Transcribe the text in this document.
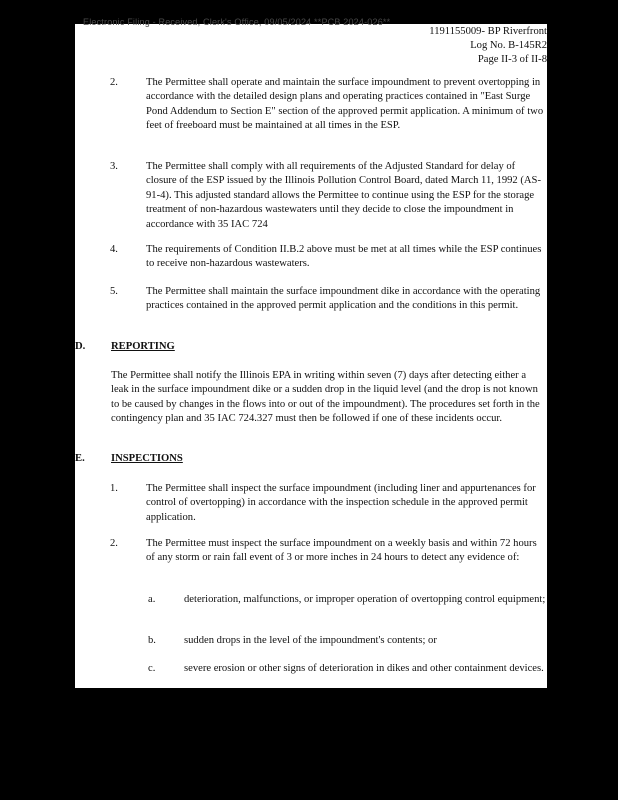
Electronic Filing - Received, Clerk's Office, 09/05/2024 **PCB 2024-026**
1191155009- BP Riverfront
Log No. B-145R2
Page II-3 of II-8
2.	The Permittee shall operate and maintain the surface impoundment to prevent overtopping in accordance with the detailed design plans and operating practices contained in "East Surge Pond Addendum to Section E" section of the approved permit application. A minimum of two feet of freeboard must be maintained at all times in the ESP.
3.	The Permittee shall comply with all requirements of the Adjusted Standard for delay of closure of the ESP issued by the Illinois Pollution Control Board, dated March 11, 1992 (AS-91-4). This adjusted standard allows the Permittee to continue using the ESP for the storage treatment of non-hazardous wastewaters until they decide to close the impoundment in accordance with 35 IAC 724
4.	The requirements of Condition II.B.2 above must be met at all times while the ESP continues to receive non-hazardous wastewaters.
5.	The Permittee shall maintain the surface impoundment dike in accordance with the operating practices contained in the approved permit application and the conditions in this permit.
D. REPORTING
The Permittee shall notify the Illinois EPA in writing within seven (7) days after detecting either a leak in the surface impoundment dike or a sudden drop in the liquid level (and the drop is not known to be caused by changes in the flows into or out of the impoundment). The procedures set forth in the contingency plan and 35 IAC 724.327 must then be followed if one of these incidents occur.
E. INSPECTIONS
1.	The Permittee shall inspect the surface impoundment (including liner and appurtenances for control of overtopping) in accordance with the inspection schedule in the approved permit application.
2.	The Permittee must inspect the surface impoundment on a weekly basis and within 72 hours of any storm or rain fall event of 3 or more inches in 24 hours to detect any evidence of:
a.	deterioration, malfunctions, or improper operation of overtopping control equipment;
b.	sudden drops in the level of the impoundment's contents; or
c.	severe erosion or other signs of deterioration in dikes and other containment devices.
